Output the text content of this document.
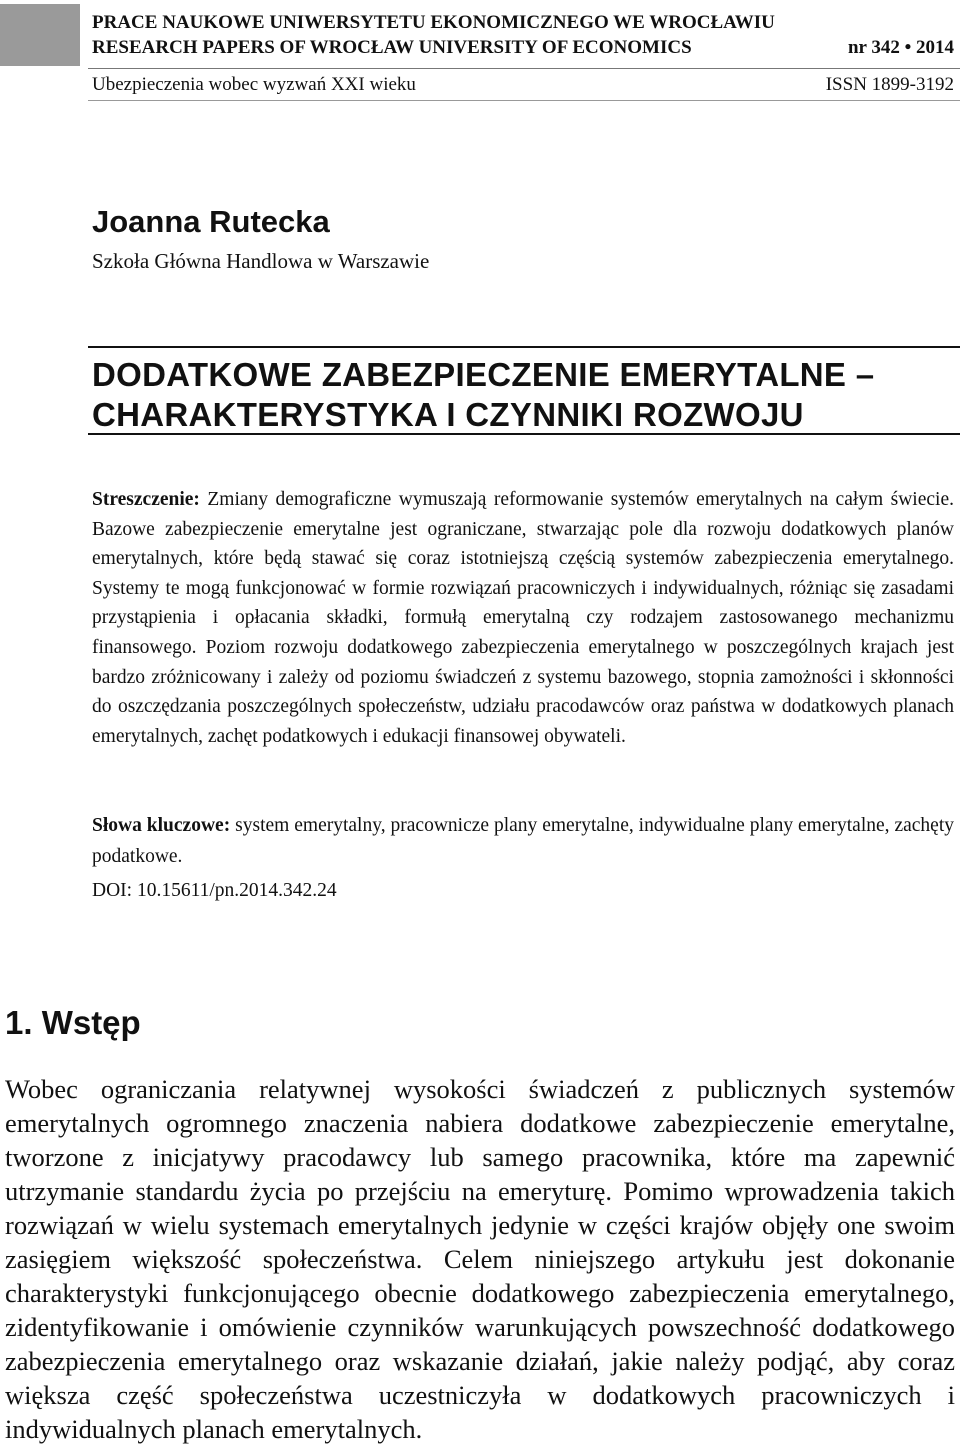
PRACE NAUKOWE UNIWERSYTETU EKONOMICZNEGO WE WROCŁAWIU
RESEARCH PAPERS OF WROCŁAW UNIVERSITY OF ECONOMICS	nr 342 • 2014
Ubezpieczenia wobec wyzwań XXI wieku	ISSN 1899-3192
Joanna Rutecka
Szkoła Główna Handlowa w Warszawie
DODATKOWE ZABEZPIECZENIE EMERYTALNE –
CHARAKTERYSTYKA I CZYNNIKI ROZWOJU
Streszczenie: Zmiany demograficzne wymuszają reformowanie systemów emerytalnych na całym świecie. Bazowe zabezpieczenie emerytalne jest ograniczane, stwarzając pole dla rozwoju dodatkowych planów emerytalnych, które będą stawać się coraz istotniejszą częścią systemów zabezpieczenia emerytalnego. Systemy te mogą funkcjonować w formie rozwiązań pracowniczych i indywidualnych, różniąc się zasadami przystąpienia i opłacania składki, formułą emerytalną czy rodzajem zastosowanego mechanizmu finansowego. Poziom rozwoju dodatkowego zabezpieczenia emerytalnego w poszczególnych krajach jest bardzo zróżnicowany i zależy od poziomu świadczeń z systemu bazowego, stopnia zamożności i skłonności do oszczędzania poszczególnych społeczeństw, udziału pracodawców oraz państwa w dodatkowych planach emerytalnych, zachęt podatkowych i edukacji finansowej obywateli.
Słowa kluczowe: system emerytalny, pracownicze plany emerytalne, indywidualne plany emerytalne, zachęty podatkowe.
DOI: 10.15611/pn.2014.342.24
1. Wstęp
Wobec ograniczania relatywnej wysokości świadczeń z publicznych systemów emerytalnych ogromnego znaczenia nabiera dodatkowe zabezpieczenie emerytalne, tworzone z inicjatywy pracodawcy lub samego pracownika, które ma zapewnić utrzymanie standardu życia po przejściu na emeryturę. Pomimo wprowadzenia takich rozwiązań w wielu systemach emerytalnych jedynie w części krajów objęły one swoim zasięgiem większość społeczeństwa. Celem niniejszego artykułu jest dokonanie charakterystyki funkcjonującego obecnie dodatkowego zabezpieczenia emerytalnego, zidentyfikowanie i omówienie czynników warunkujących powszechność dodatkowego zabezpieczenia emerytalnego oraz wskazanie działań, jakie należy podjąć, aby coraz większa część społeczeństwa uczestniczyła w dodatkowych pracowniczych i indywidualnych planach emerytalnych.
